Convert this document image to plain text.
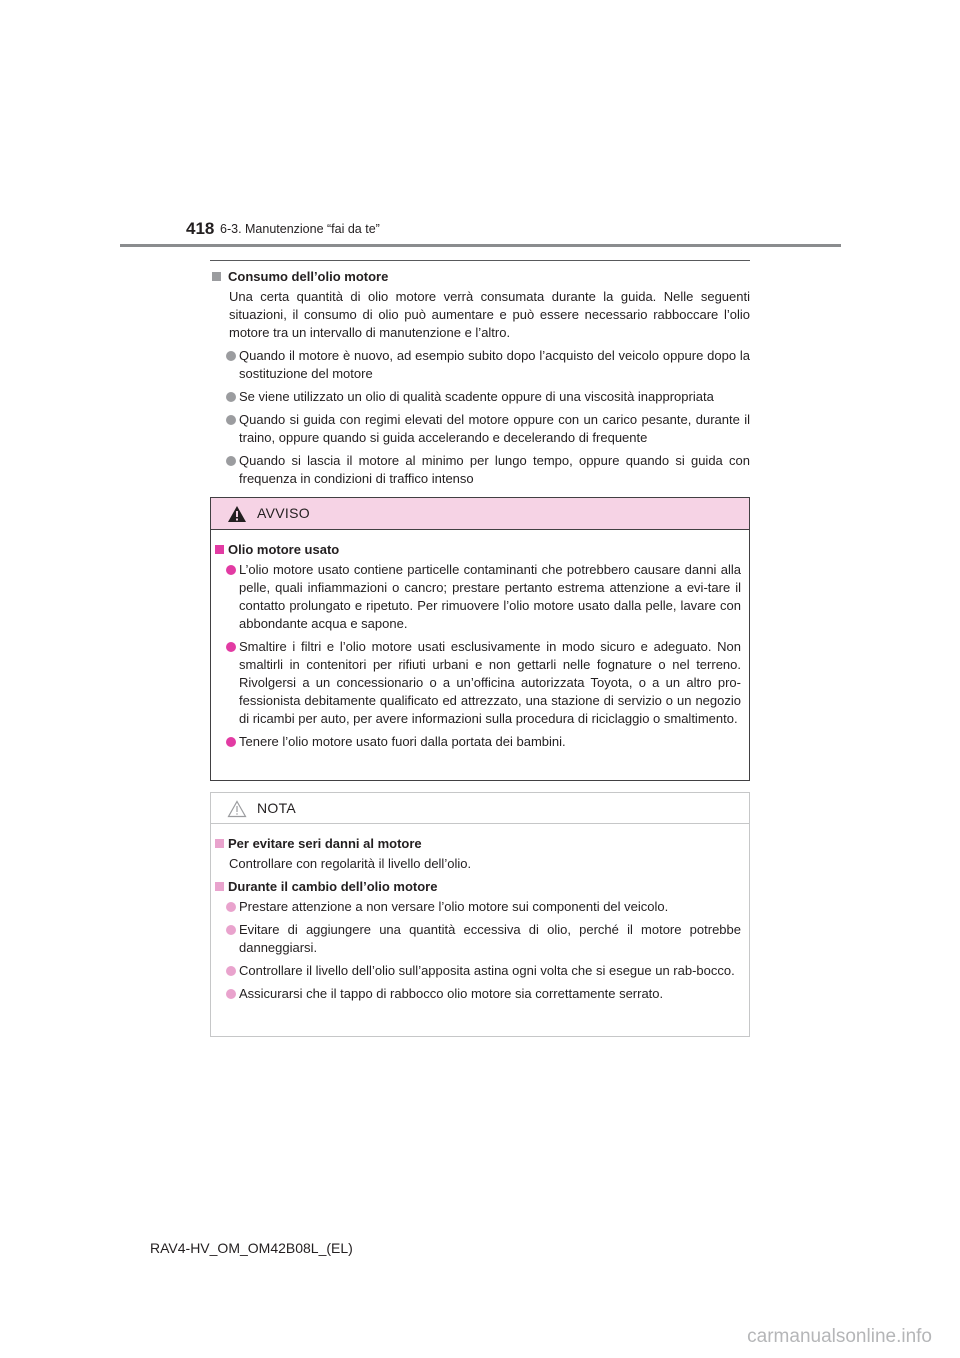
418 6-3. Manutenzione “fai da te”
Consumo dell’olio motore
Una certa quantità di olio motore verrà consumata durante la guida. Nelle seguenti situazioni, il consumo di olio può aumentare e può essere necessario rabboccare l’olio motore tra un intervallo di manutenzione e l’altro.
Quando il motore è nuovo, ad esempio subito dopo l’acquisto del veicolo oppure dopo la sostituzione del motore
Se viene utilizzato un olio di qualità scadente oppure di una viscosità inappropriata
Quando si guida con regimi elevati del motore oppure con un carico pesante, durante il traino, oppure quando si guida accelerando e decelerando di frequente
Quando si lascia il motore al minimo per lungo tempo, oppure quando si guida con frequenza in condizioni di traffico intenso
AVVISO
Olio motore usato
L’olio motore usato contiene particelle contaminanti che potrebbero causare danni alla pelle, quali infiammazioni o cancro; prestare pertanto estrema attenzione a evi-tare il contatto prolungato e ripetuto. Per rimuovere l’olio motore usato dalla pelle, lavare con abbondante acqua e sapone.
Smaltire i filtri e l’olio motore usati esclusivamente in modo sicuro e adeguato. Non smaltirli in contenitori per rifiuti urbani e non gettarli nelle fognature o nel terreno. Rivolgersi a un concessionario o a un’officina autorizzata Toyota, o a un altro pro-fessionista debitamente qualificato ed attrezzato, una stazione di servizio o un negozio di ricambi per auto, per avere informazioni sulla procedura di riciclaggio o smaltimento.
Tenere l’olio motore usato fuori dalla portata dei bambini.
NOTA
Per evitare seri danni al motore
Controllare con regolarità il livello dell’olio.
Durante il cambio dell’olio motore
Prestare attenzione a non versare l’olio motore sui componenti del veicolo.
Evitare di aggiungere una quantità eccessiva di olio, perché il motore potrebbe danneggiarsi.
Controllare il livello dell’olio sull’apposita astina ogni volta che si esegue un rab-bocco.
Assicurarsi che il tappo di rabbocco olio motore sia correttamente serrato.
RAV4-HV_OM_OM42B08L_(EL)
carmanualsonline.info
